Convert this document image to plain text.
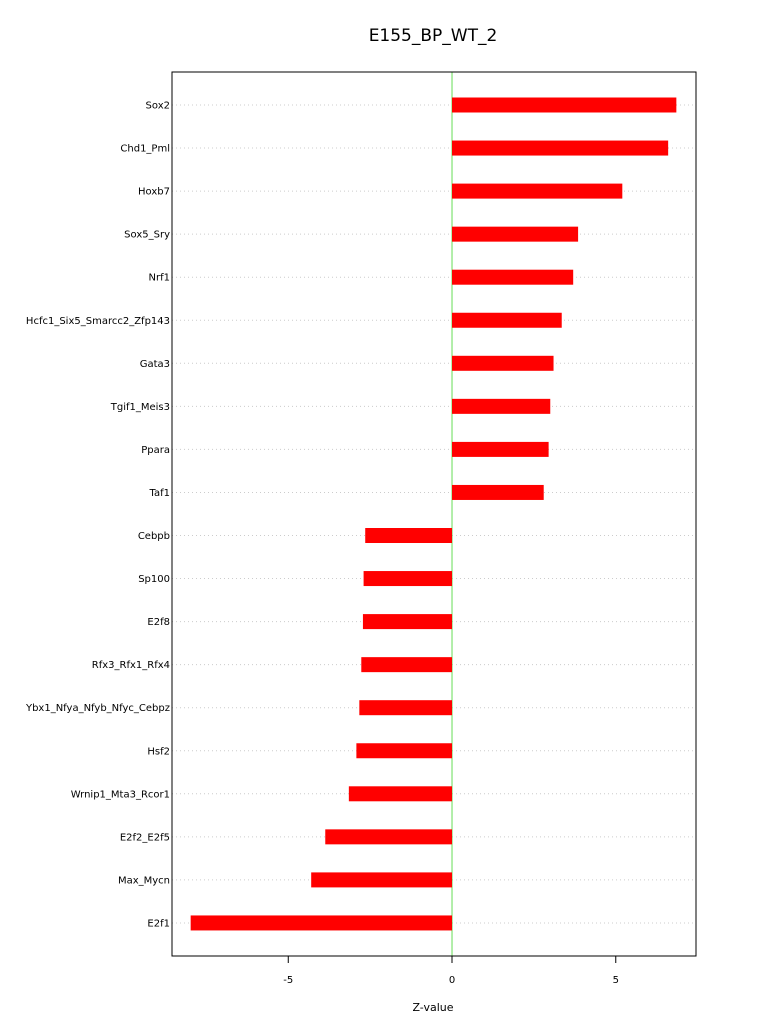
E155_BP_WT_2
Sox2
Chd1_Pml
Hoxb7
Sox5_Sry
Nrf1
Hcfc1_Six5_Smarcc2_Zfp143
Gata3
Tgif1_Meis3
Ppara
Taf1
Cebpb
Sp100
E2f8
Rfx3_Rfx1_Rfx4
Ybx1_Nfya_Nfyb_Nfyc_Cebpz
Hsf2
Wrnip1_Mta3_Rcor1
E2f2_E2f5
Max_Mycn
E2f1
-5	0	5
Z-value
